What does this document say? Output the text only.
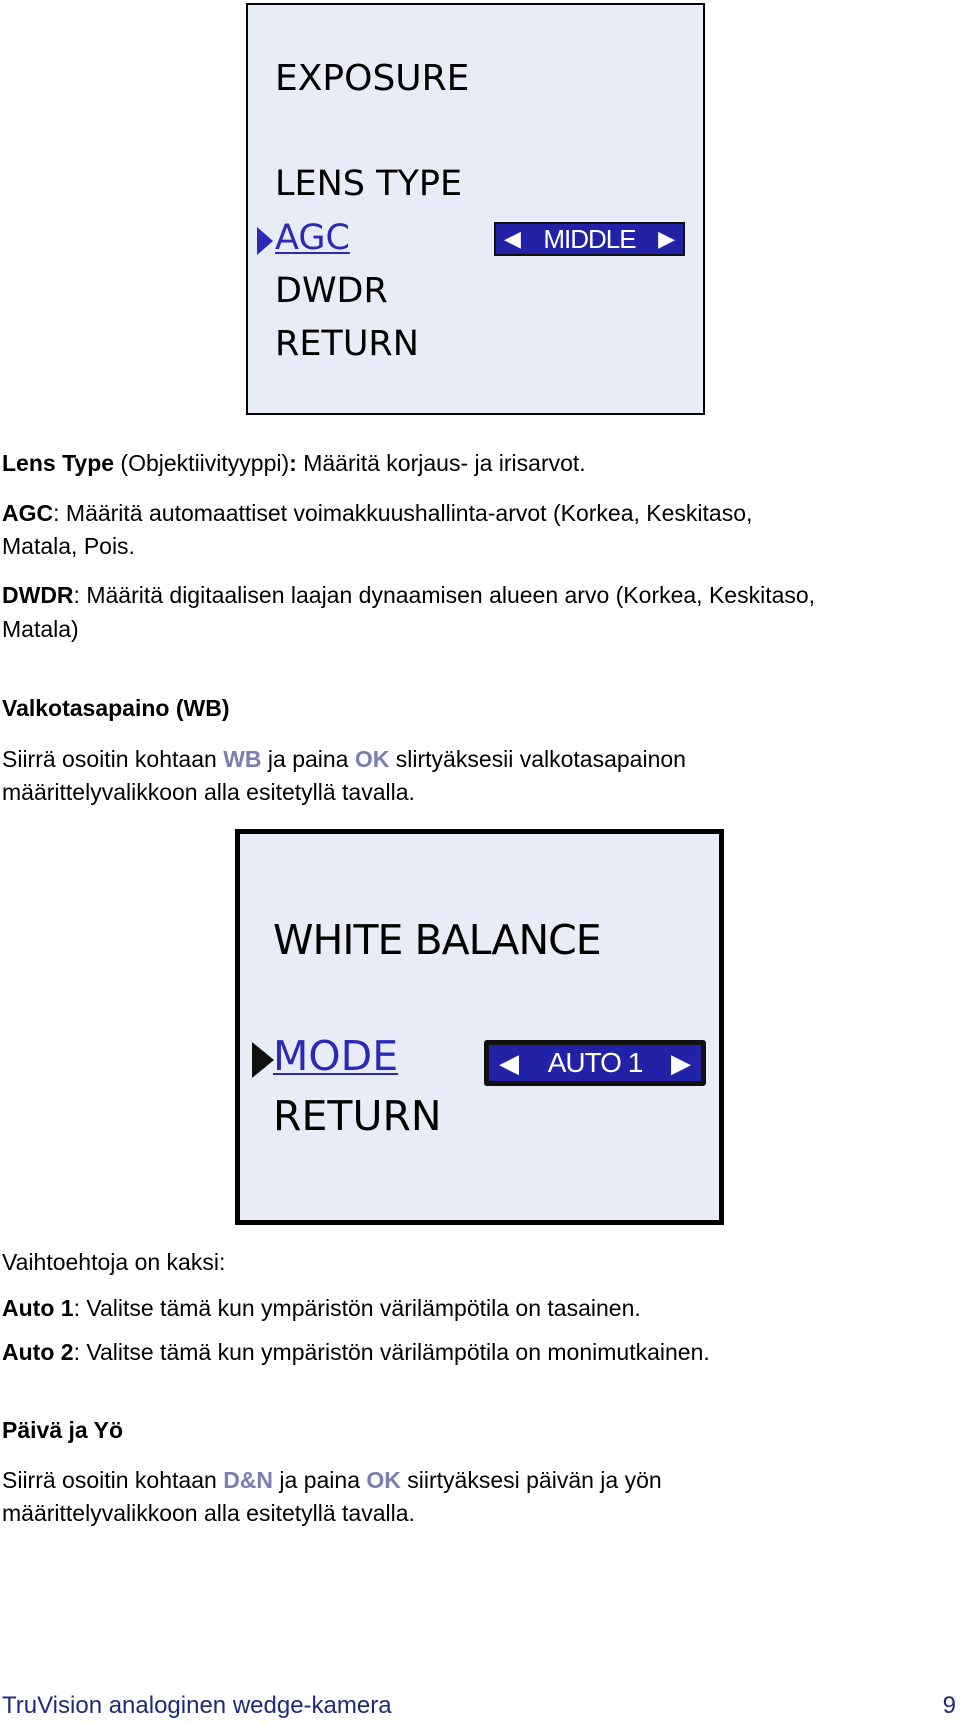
EXPOSURE
LENS TYPE
AGC
DWDR
RETURN
◀ MIDDLE ▶
Lens Type (Objektiivityyppi): Määritä korjaus- ja irisarvot.
AGC: Määritä automaattiset voimakkuushallinta-arvot (Korkea, Keskitaso,
Matala, Pois.
DWDR: Määritä digitaalisen laajan dynaamisen alueen arvo (Korkea, Keskitaso,
Matala)
Valkotasapaino (WB)
Siirrä osoitin kohtaan WB ja paina OK slirtyäksesii valkotasapainon
määrittelyvalikkoon alla esitetyllä tavalla.
WHITE BALANCE
MODE
RETURN
◀ AUTO 1 ▶
Vaihtoehtoja on kaksi:
Auto 1: Valitse tämä kun ympäristön värilämpötila on tasainen.
Auto 2: Valitse tämä kun ympäristön värilämpötila on monimutkainen.
Päivä ja Yö
Siirrä osoitin kohtaan D&N ja paina OK siirtyäksesi päivän ja yön
määrittelyvalikkoon alla esitetyllä tavalla.
TruVision analoginen wedge-kamera	9
